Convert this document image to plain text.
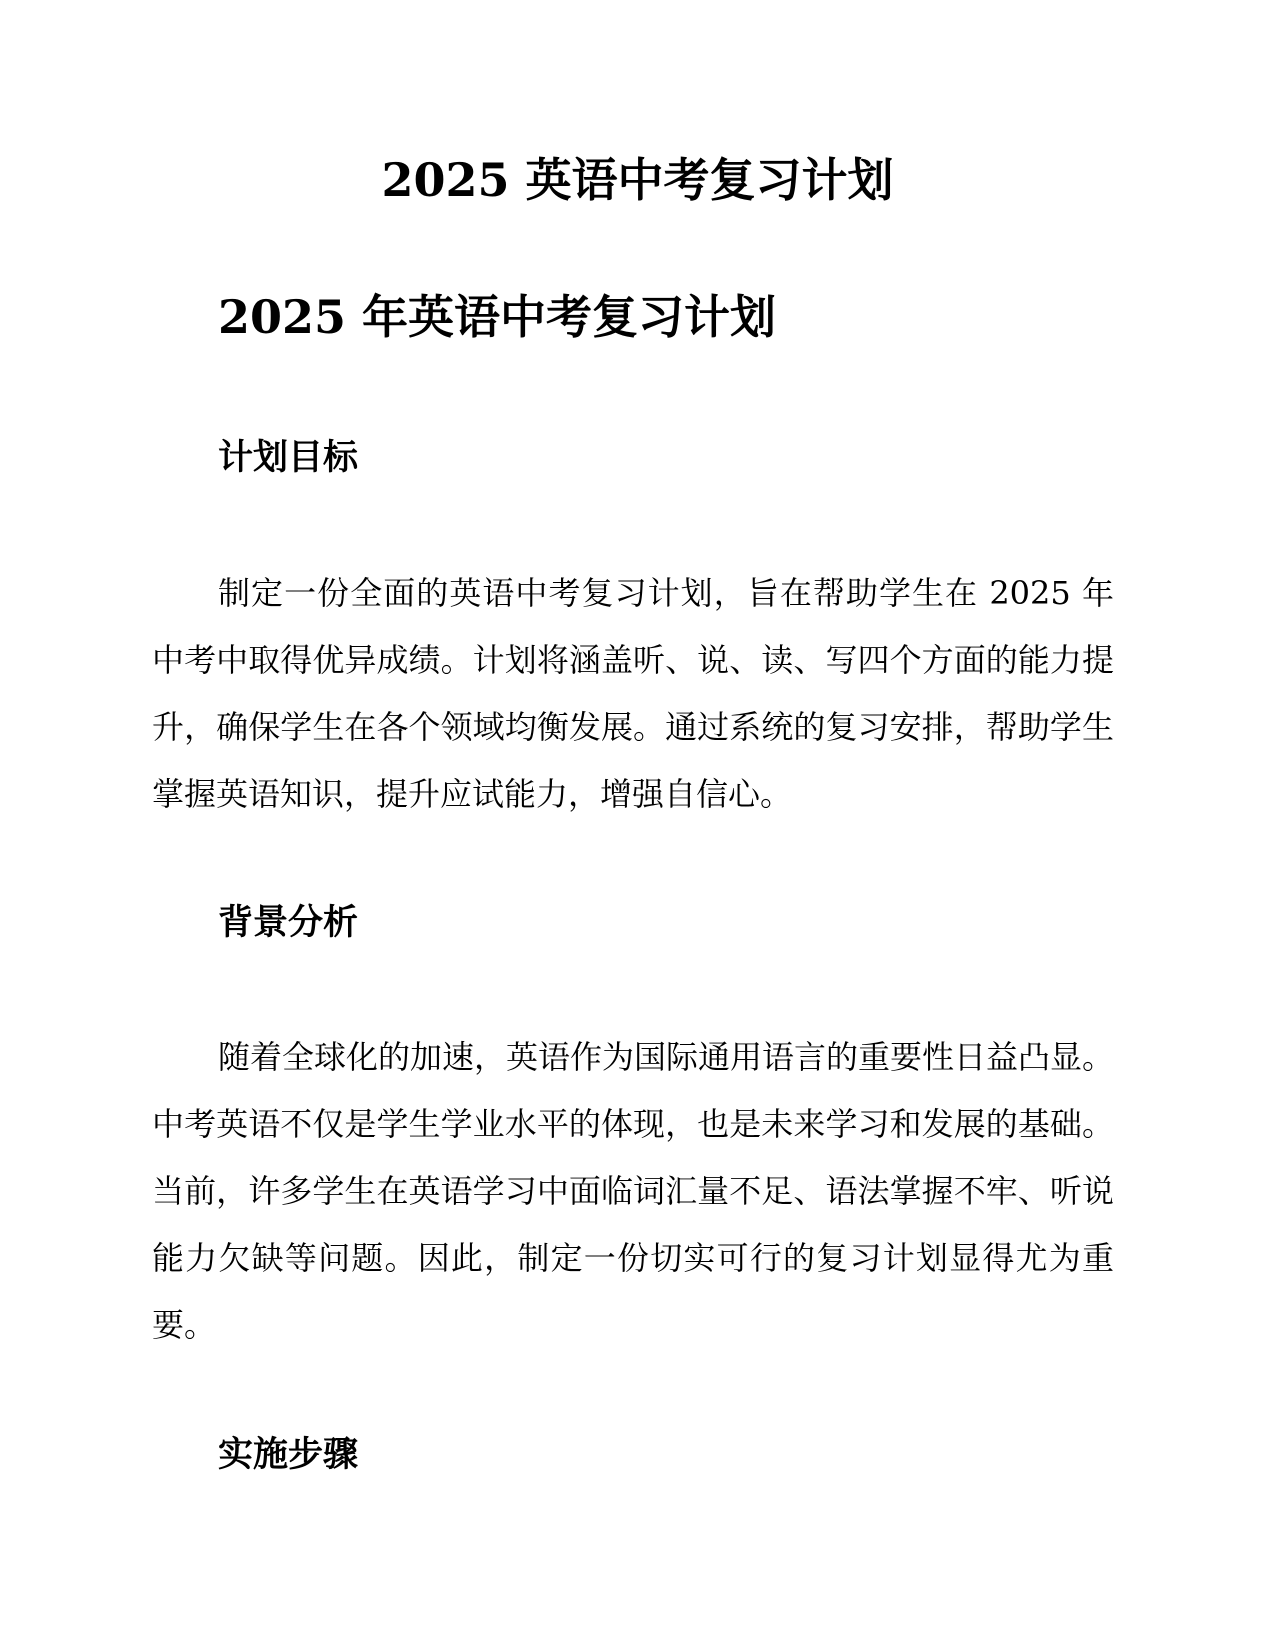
2025 英语中考复习计划
2025 年英语中考复习计划
计划目标

制定一份全面的英语中考复习计划，旨在帮助学生在 2025 年中考中取得优异成绩。计划将涵盖听、说、读、写四个方面的能力提升，确保学生在各个领域均衡发展。通过系统的复习安排，帮助学生掌握英语知识，提升应试能力，增强自信心。

背景分析

随着全球化的加速，英语作为国际通用语言的重要性日益凸显。中考英语不仅是学生学业水平的体现，也是未来学习和发展的基础。当前，许多学生在英语学习中面临词汇量不足、语法掌握不牢、听说能力欠缺等问题。因此，制定一份切实可行的复习计划显得尤为重要。

实施步骤
